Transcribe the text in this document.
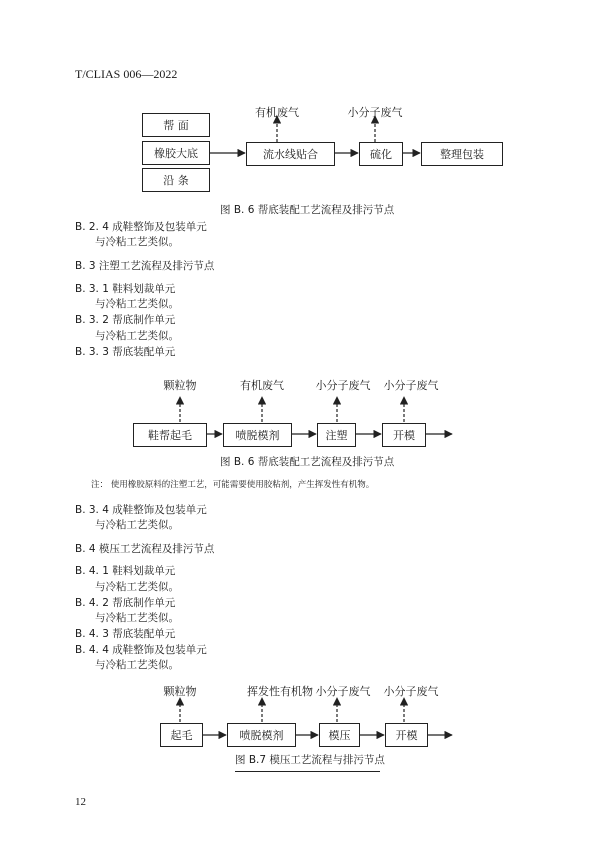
T/CLIAS 006—2022
有机废气	小分子废气
帮 面
橡胶大底
沿 条
流水线贴合	硫化	整理包装
图 B. 6 帮底装配工艺流程及排污节点
B. 2. 4 成鞋整饰及包装单元
与冷粘工艺类似。
B. 3 注塑工艺流程及排污节点
B. 3. 1 鞋料划裁单元
与冷粘工艺类似。
B. 3. 2 帮底制作单元
与冷粘工艺类似。
B. 3. 3 帮底装配单元
颗粒物	有机废气	小分子废气 小分子废气
鞋帮起毛	喷脱模剂	注塑	开模
图 B. 6 帮底装配工艺流程及排污节点
注： 使用橡胶原料的注塑工艺，可能需要使用胶粘剂，产生挥发性有机物。
B. 3. 4 成鞋整饰及包装单元
与冷粘工艺类似。
B. 4 模压工艺流程及排污节点
B. 4. 1 鞋料划裁单元
与冷粘工艺类似。
B. 4. 2 帮底制作单元
与冷粘工艺类似。
B. 4. 3 帮底装配单元
B. 4. 4 成鞋整饰及包装单元
与冷粘工艺类似。
颗粒物	挥发性有机物 小分子废气 小分子废气
起毛	喷脱模剂	模压	开模
图 B.7 模压工艺流程与排污节点
12
